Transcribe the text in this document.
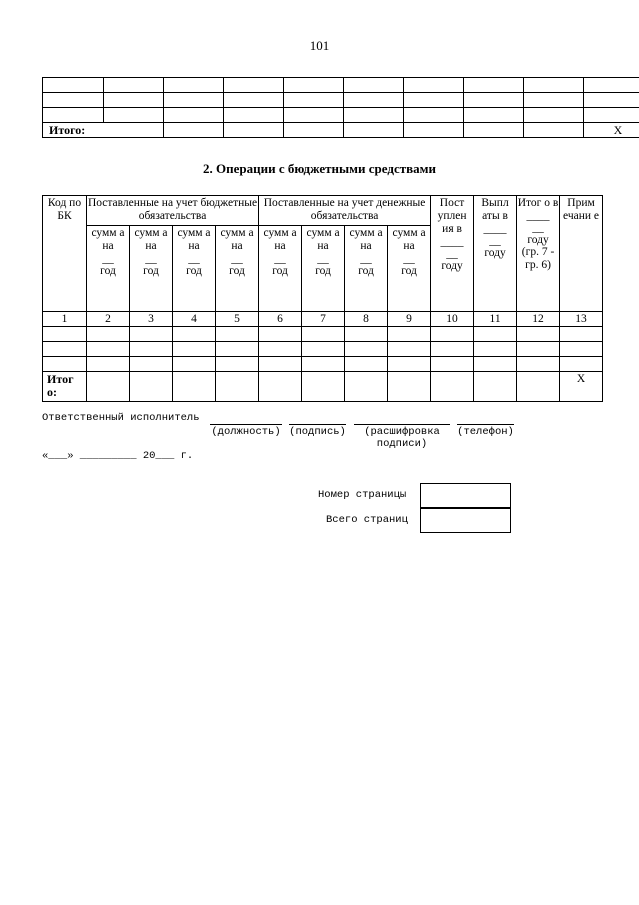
101

Итого:									X
2. Операции с бюджетными средствами
Код по БК	Поставленные на учет бюджетные обязательства				Поставленные на учет денежные обязательства				Пост уплен ия в
____
__
году	Выпл аты в
____
__
году	Итог о в
____
__
году
(гр. 7 - гр. 6)	Прим ечани е
	сумм а на
__
год	сумм а на
__
год	сумм а на
__
год	сумм а на
__
год	сумм а на
__
год	сумм а на
__
год	сумм а на
__
год	сумм а на
__
год				

1	2	3	4	5	6	7	8	9	10	11	12	13

Итог о:												X
Ответственный исполнитель
(должность) (подпись)	(расшифровка подписи)
(телефон)
«___» _________ 20___ г.
Номер страницы
Всего страниц
